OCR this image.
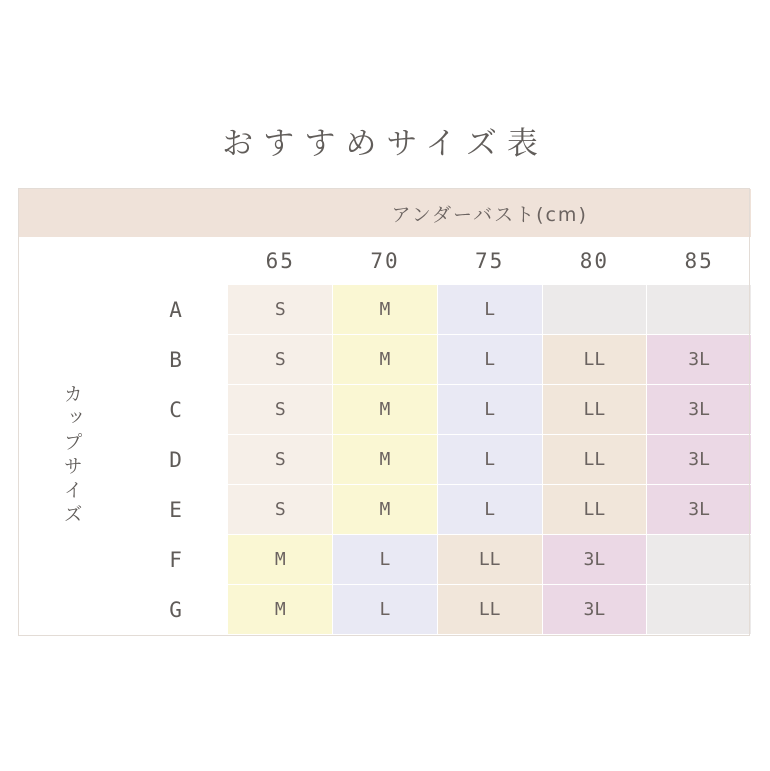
おすすめサイズ表
		アンダーバスト(cm)				
		65	70	75	80	85
カップサイズ	A	S	M	L		
	B	S	M	L	LL	3L
	C	S	M	L	LL	3L
	D	S	M	L	LL	3L
	E	S	M	L	LL	3L
	F	M	L	LL	3L	
	G	M	L	LL	3L	
